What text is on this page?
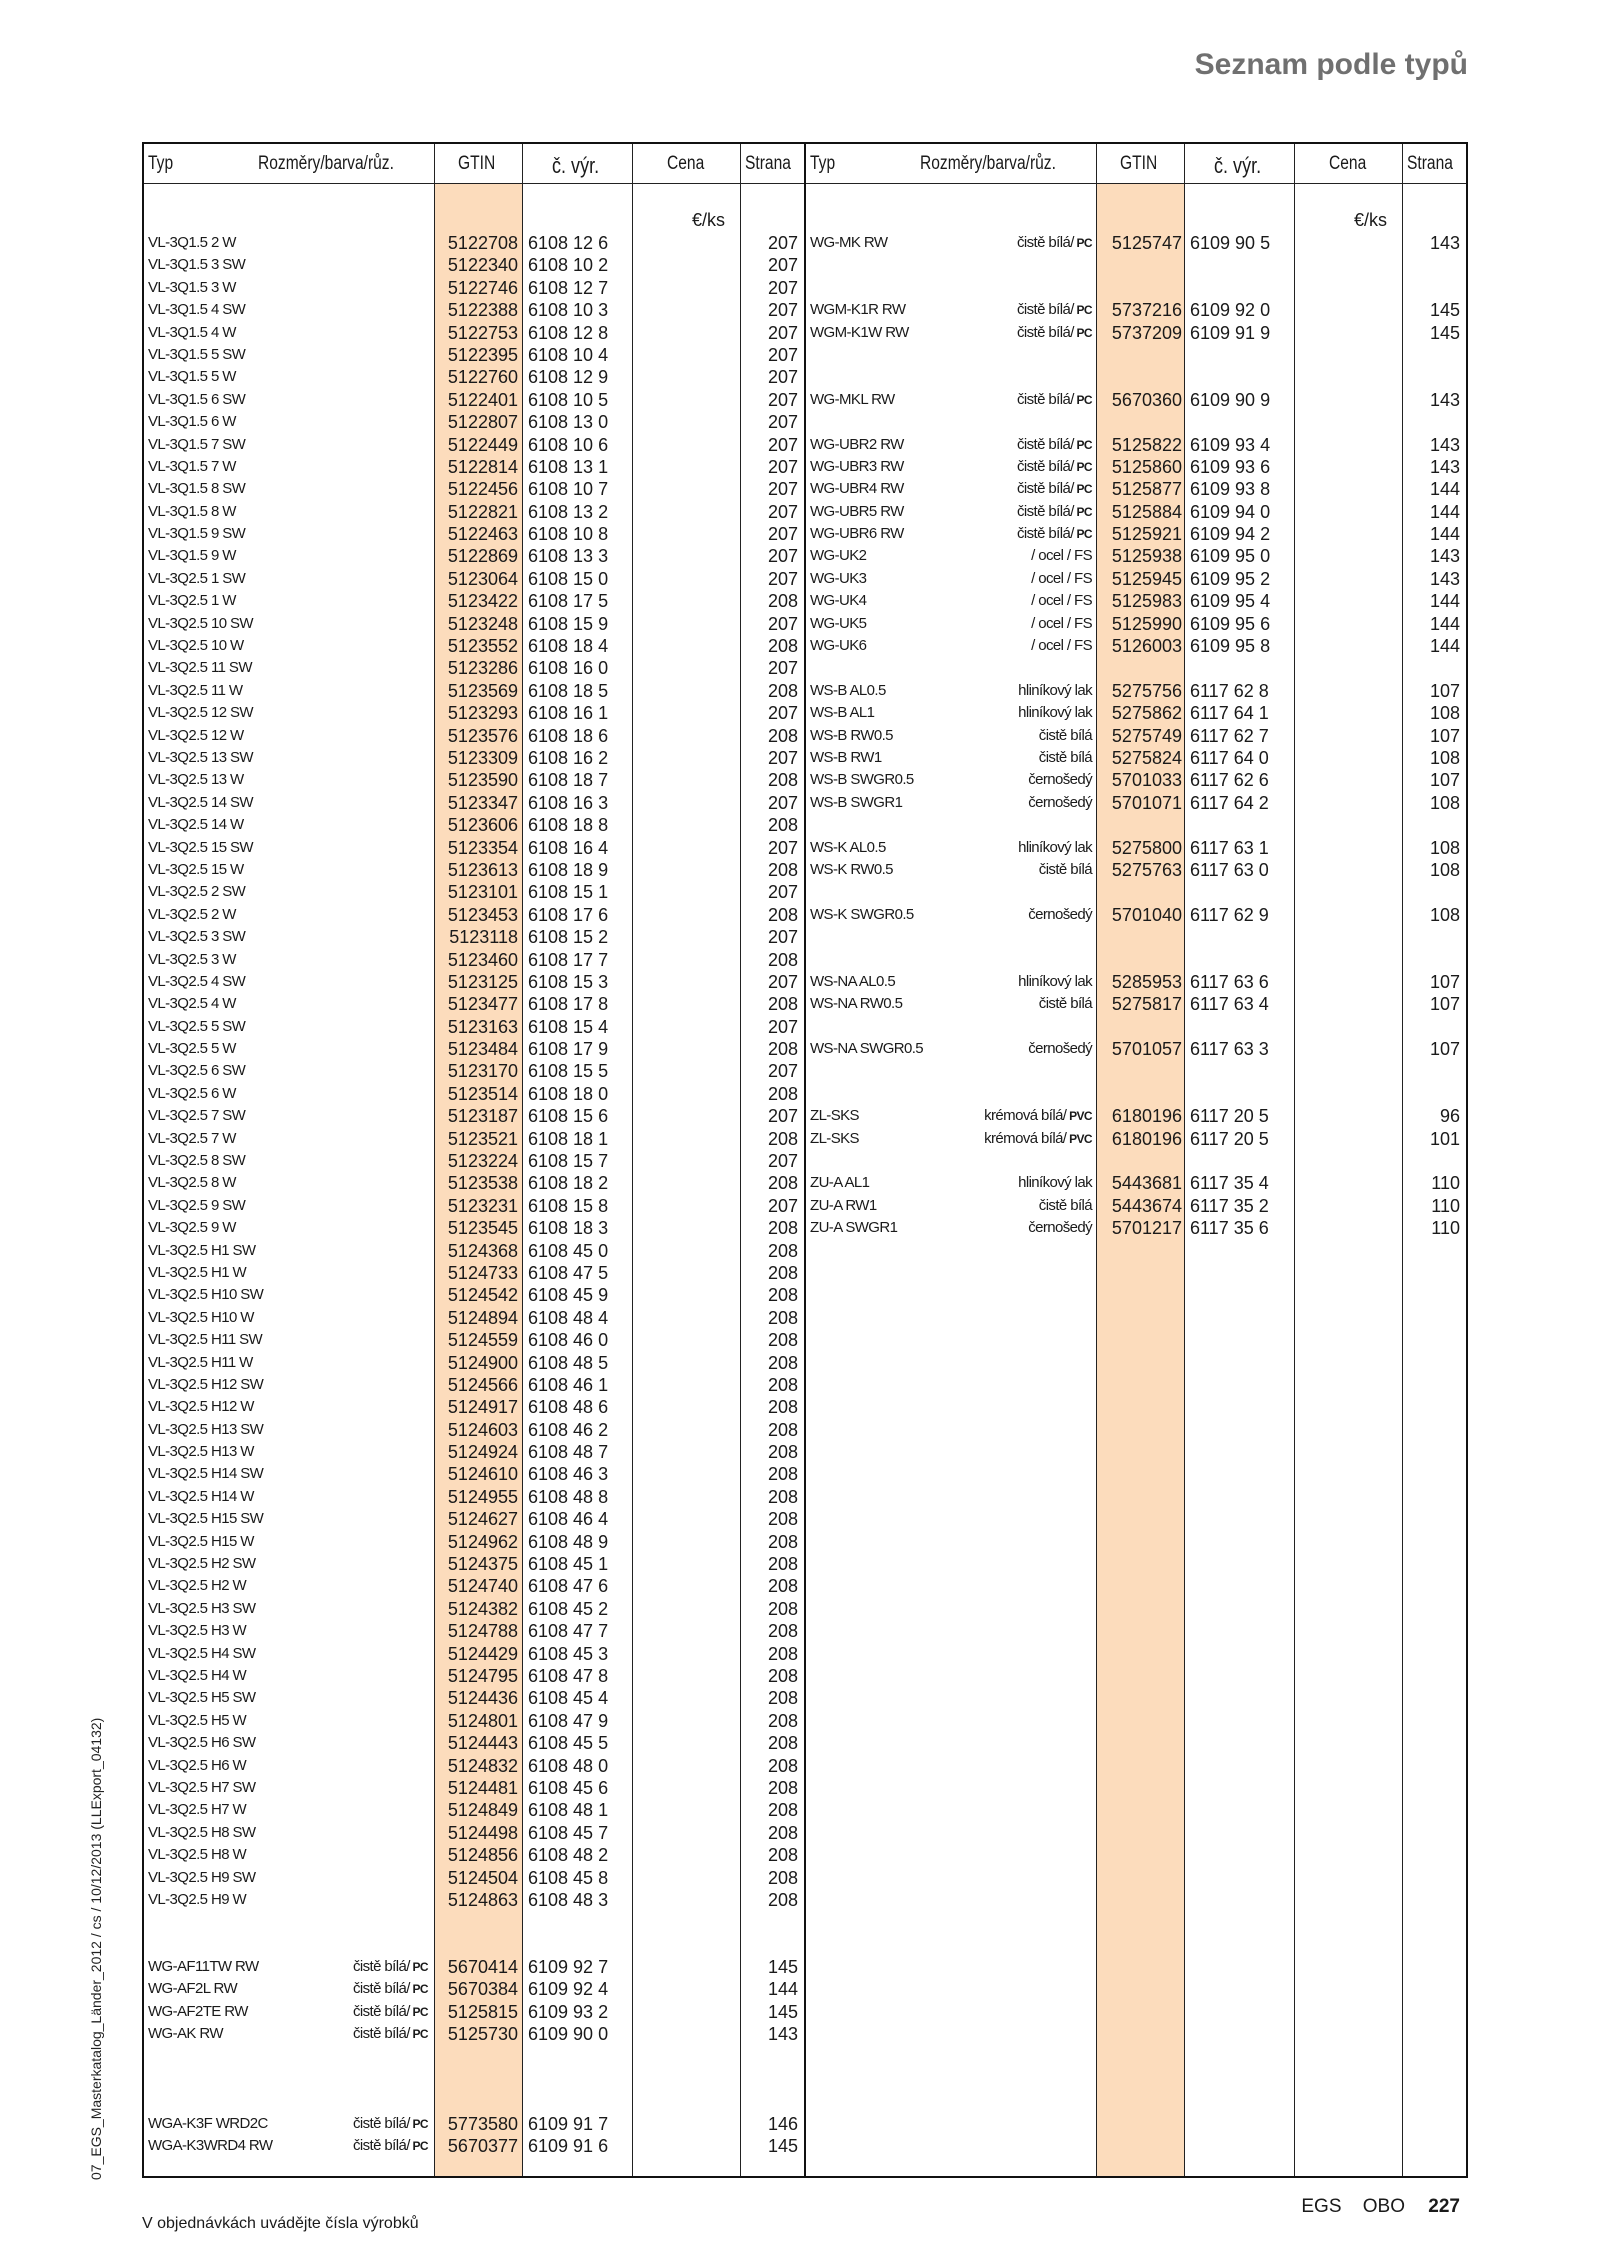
Seznam podle typů
07_EGS_Masterkatalog_Länder_2012 / cs / 10/12/2013 (LLExport_04132)
Typ	Rozměry/barva/růz.	GTIN	č. výr.	Cena Strana
€/ks
VL-3Q1.5 2 W	5122708 6108 12 6	207
VL-3Q1.5 3 SW	5122340 6108 10 2	207
VL-3Q1.5 3 W	5122746 6108 12 7	207
VL-3Q1.5 4 SW	5122388 6108 10 3	207
VL-3Q1.5 4 W	5122753 6108 12 8	207
VL-3Q1.5 5 SW	5122395 6108 10 4	207
VL-3Q1.5 5 W	5122760 6108 12 9	207
VL-3Q1.5 6 SW	5122401 6108 10 5	207
VL-3Q1.5 6 W	5122807 6108 13 0	207
VL-3Q1.5 7 SW	5122449 6108 10 6	207
VL-3Q1.5 7 W	5122814 6108 13 1	207
VL-3Q1.5 8 SW	5122456 6108 10 7	207
VL-3Q1.5 8 W	5122821 6108 13 2	207
VL-3Q1.5 9 SW	5122463 6108 10 8	207
VL-3Q1.5 9 W	5122869 6108 13 3	207
VL-3Q2.5 1 SW	5123064 6108 15 0	207
VL-3Q2.5 1 W	5123422 6108 17 5	208
VL-3Q2.5 10 SW	5123248 6108 15 9	207
VL-3Q2.5 10 W	5123552 6108 18 4	208
VL-3Q2.5 11 SW	5123286 6108 16 0	207
VL-3Q2.5 11 W	5123569 6108 18 5	208
VL-3Q2.5 12 SW	5123293 6108 16 1	207
VL-3Q2.5 12 W	5123576 6108 18 6	208
VL-3Q2.5 13 SW	5123309 6108 16 2	207
VL-3Q2.5 13 W	5123590 6108 18 7	208
VL-3Q2.5 14 SW	5123347 6108 16 3	207
VL-3Q2.5 14 W	5123606 6108 18 8	208
VL-3Q2.5 15 SW	5123354 6108 16 4	207
VL-3Q2.5 15 W	5123613 6108 18 9	208
VL-3Q2.5 2 SW	5123101 6108 15 1	207
VL-3Q2.5 2 W	5123453 6108 17 6	208
VL-3Q2.5 3 SW	5123118 6108 15 2	207
VL-3Q2.5 3 W	5123460 6108 17 7	208
VL-3Q2.5 4 SW	5123125 6108 15 3	207
VL-3Q2.5 4 W	5123477 6108 17 8	208
VL-3Q2.5 5 SW	5123163 6108 15 4	207
VL-3Q2.5 5 W	5123484 6108 17 9	208
VL-3Q2.5 6 SW	5123170 6108 15 5	207
VL-3Q2.5 6 W	5123514 6108 18 0	208
VL-3Q2.5 7 SW	5123187 6108 15 6	207
VL-3Q2.5 7 W	5123521 6108 18 1	208
VL-3Q2.5 8 SW	5123224 6108 15 7	207
VL-3Q2.5 8 W	5123538 6108 18 2	208
VL-3Q2.5 9 SW	5123231 6108 15 8	207
VL-3Q2.5 9 W	5123545 6108 18 3	208
VL-3Q2.5 H1 SW	5124368 6108 45 0	208
VL-3Q2.5 H1 W	5124733 6108 47 5	208
VL-3Q2.5 H10 SW	5124542 6108 45 9	208
VL-3Q2.5 H10 W	5124894 6108 48 4	208
VL-3Q2.5 H11 SW	5124559 6108 46 0	208
VL-3Q2.5 H11 W	5124900 6108 48 5	208
VL-3Q2.5 H12 SW	5124566 6108 46 1	208
VL-3Q2.5 H12 W	5124917 6108 48 6	208
VL-3Q2.5 H13 SW	5124603 6108 46 2	208
VL-3Q2.5 H13 W	5124924 6108 48 7	208
VL-3Q2.5 H14 SW	5124610 6108 46 3	208
VL-3Q2.5 H14 W	5124955 6108 48 8	208
VL-3Q2.5 H15 SW	5124627 6108 46 4	208
VL-3Q2.5 H15 W	5124962 6108 48 9	208
VL-3Q2.5 H2 SW	5124375 6108 45 1	208
VL-3Q2.5 H2 W	5124740 6108 47 6	208
VL-3Q2.5 H3 SW	5124382 6108 45 2	208
VL-3Q2.5 H3 W	5124788 6108 47 7	208
VL-3Q2.5 H4 SW	5124429 6108 45 3	208
VL-3Q2.5 H4 W	5124795 6108 47 8	208
VL-3Q2.5 H5 SW	5124436 6108 45 4	208
VL-3Q2.5 H5 W	5124801 6108 47 9	208
VL-3Q2.5 H6 SW	5124443 6108 45 5	208
VL-3Q2.5 H6 W	5124832 6108 48 0	208
VL-3Q2.5 H7 SW	5124481 6108 45 6	208
VL-3Q2.5 H7 W	5124849 6108 48 1	208
VL-3Q2.5 H8 SW	5124498 6108 45 7	208
VL-3Q2.5 H8 W	5124856 6108 48 2	208
VL-3Q2.5 H9 SW	5124504 6108 45 8	208
VL-3Q2.5 H9 W	5124863 6108 48 3	208
WG-AF11TW RW	čistě bílá/ PC 5670414 6109 92 7	145
WG-AF2L RW	čistě bílá/ PC 5670384 6109 92 4	144
WG-AF2TE RW	čistě bílá/ PC 5125815 6109 93 2	145
WG-AK RW	čistě bílá/ PC 5125730 6109 90 0	143
WGA-K3F WRD2C	čistě bílá/ PC 5773580 6109 91 7	146
WGA-K3WRD4 RW	čistě bílá/ PC 5670377 6109 91 6	145
Typ	Rozměry/barva/růz.	GTIN	č. výr.	Cena Strana
€/ks
WG-MK RW	čistě bílá/ PC 5125747 6109 90 5	143
WGM-K1R RW	čistě bílá/ PC 5737216 6109 92 0	145
WGM-K1W RW	čistě bílá/ PC 5737209 6109 91 9	145
WG-MKL RW	čistě bílá/ PC 5670360 6109 90 9	143
WG-UBR2 RW	čistě bílá/ PC 5125822 6109 93 4	143
WG-UBR3 RW	čistě bílá/ PC 5125860 6109 93 6	143
WG-UBR4 RW	čistě bílá/ PC 5125877 6109 93 8	144
WG-UBR5 RW	čistě bílá/ PC 5125884 6109 94 0	144
WG-UBR6 RW	čistě bílá/ PC 5125921 6109 94 2	144
WG-UK2	/ ocel / FS 5125938 6109 95 0	143
WG-UK3	/ ocel / FS 5125945 6109 95 2	143
WG-UK4	/ ocel / FS 5125983 6109 95 4	144
WG-UK5	/ ocel / FS 5125990 6109 95 6	144
WG-UK6	/ ocel / FS 5126003 6109 95 8	144
WS-B AL0.5	hliníkový lak 5275756 6117 62 8	107
WS-B AL1	hliníkový lak 5275862 6117 64 1	108
WS-B RW0.5	čistě bílá 5275749 6117 62 7	107
WS-B RW1	čistě bílá 5275824 6117 64 0	108
WS-B SWGR0.5	černošedý 5701033 6117 62 6	107
WS-B SWGR1	černošedý 5701071 6117 64 2	108
WS-K AL0.5	hliníkový lak 5275800 6117 63 1	108
WS-K RW0.5	čistě bílá 5275763 6117 63 0	108
WS-K SWGR0.5	černošedý 5701040 6117 62 9	108
WS-NA AL0.5	hliníkový lak 5285953 6117 63 6	107
WS-NA RW0.5	čistě bílá 5275817 6117 63 4	107
WS-NA SWGR0.5	černošedý 5701057 6117 63 3	107
ZL-SKS	krémová bílá/ PVC 6180196 6117 20 5	96
ZL-SKS	krémová bílá/ PVC 6180196 6117 20 5	101
ZU-A AL1	hliníkový lak 5443681 6117 35 4	110
ZU-A RW1	čistě bílá 5443674 6117 35 2	110
ZU-A SWGR1	černošedý 5701217 6117 35 6	110
V objednávkách uvádějte čísla výrobků
EGS OBO 227
